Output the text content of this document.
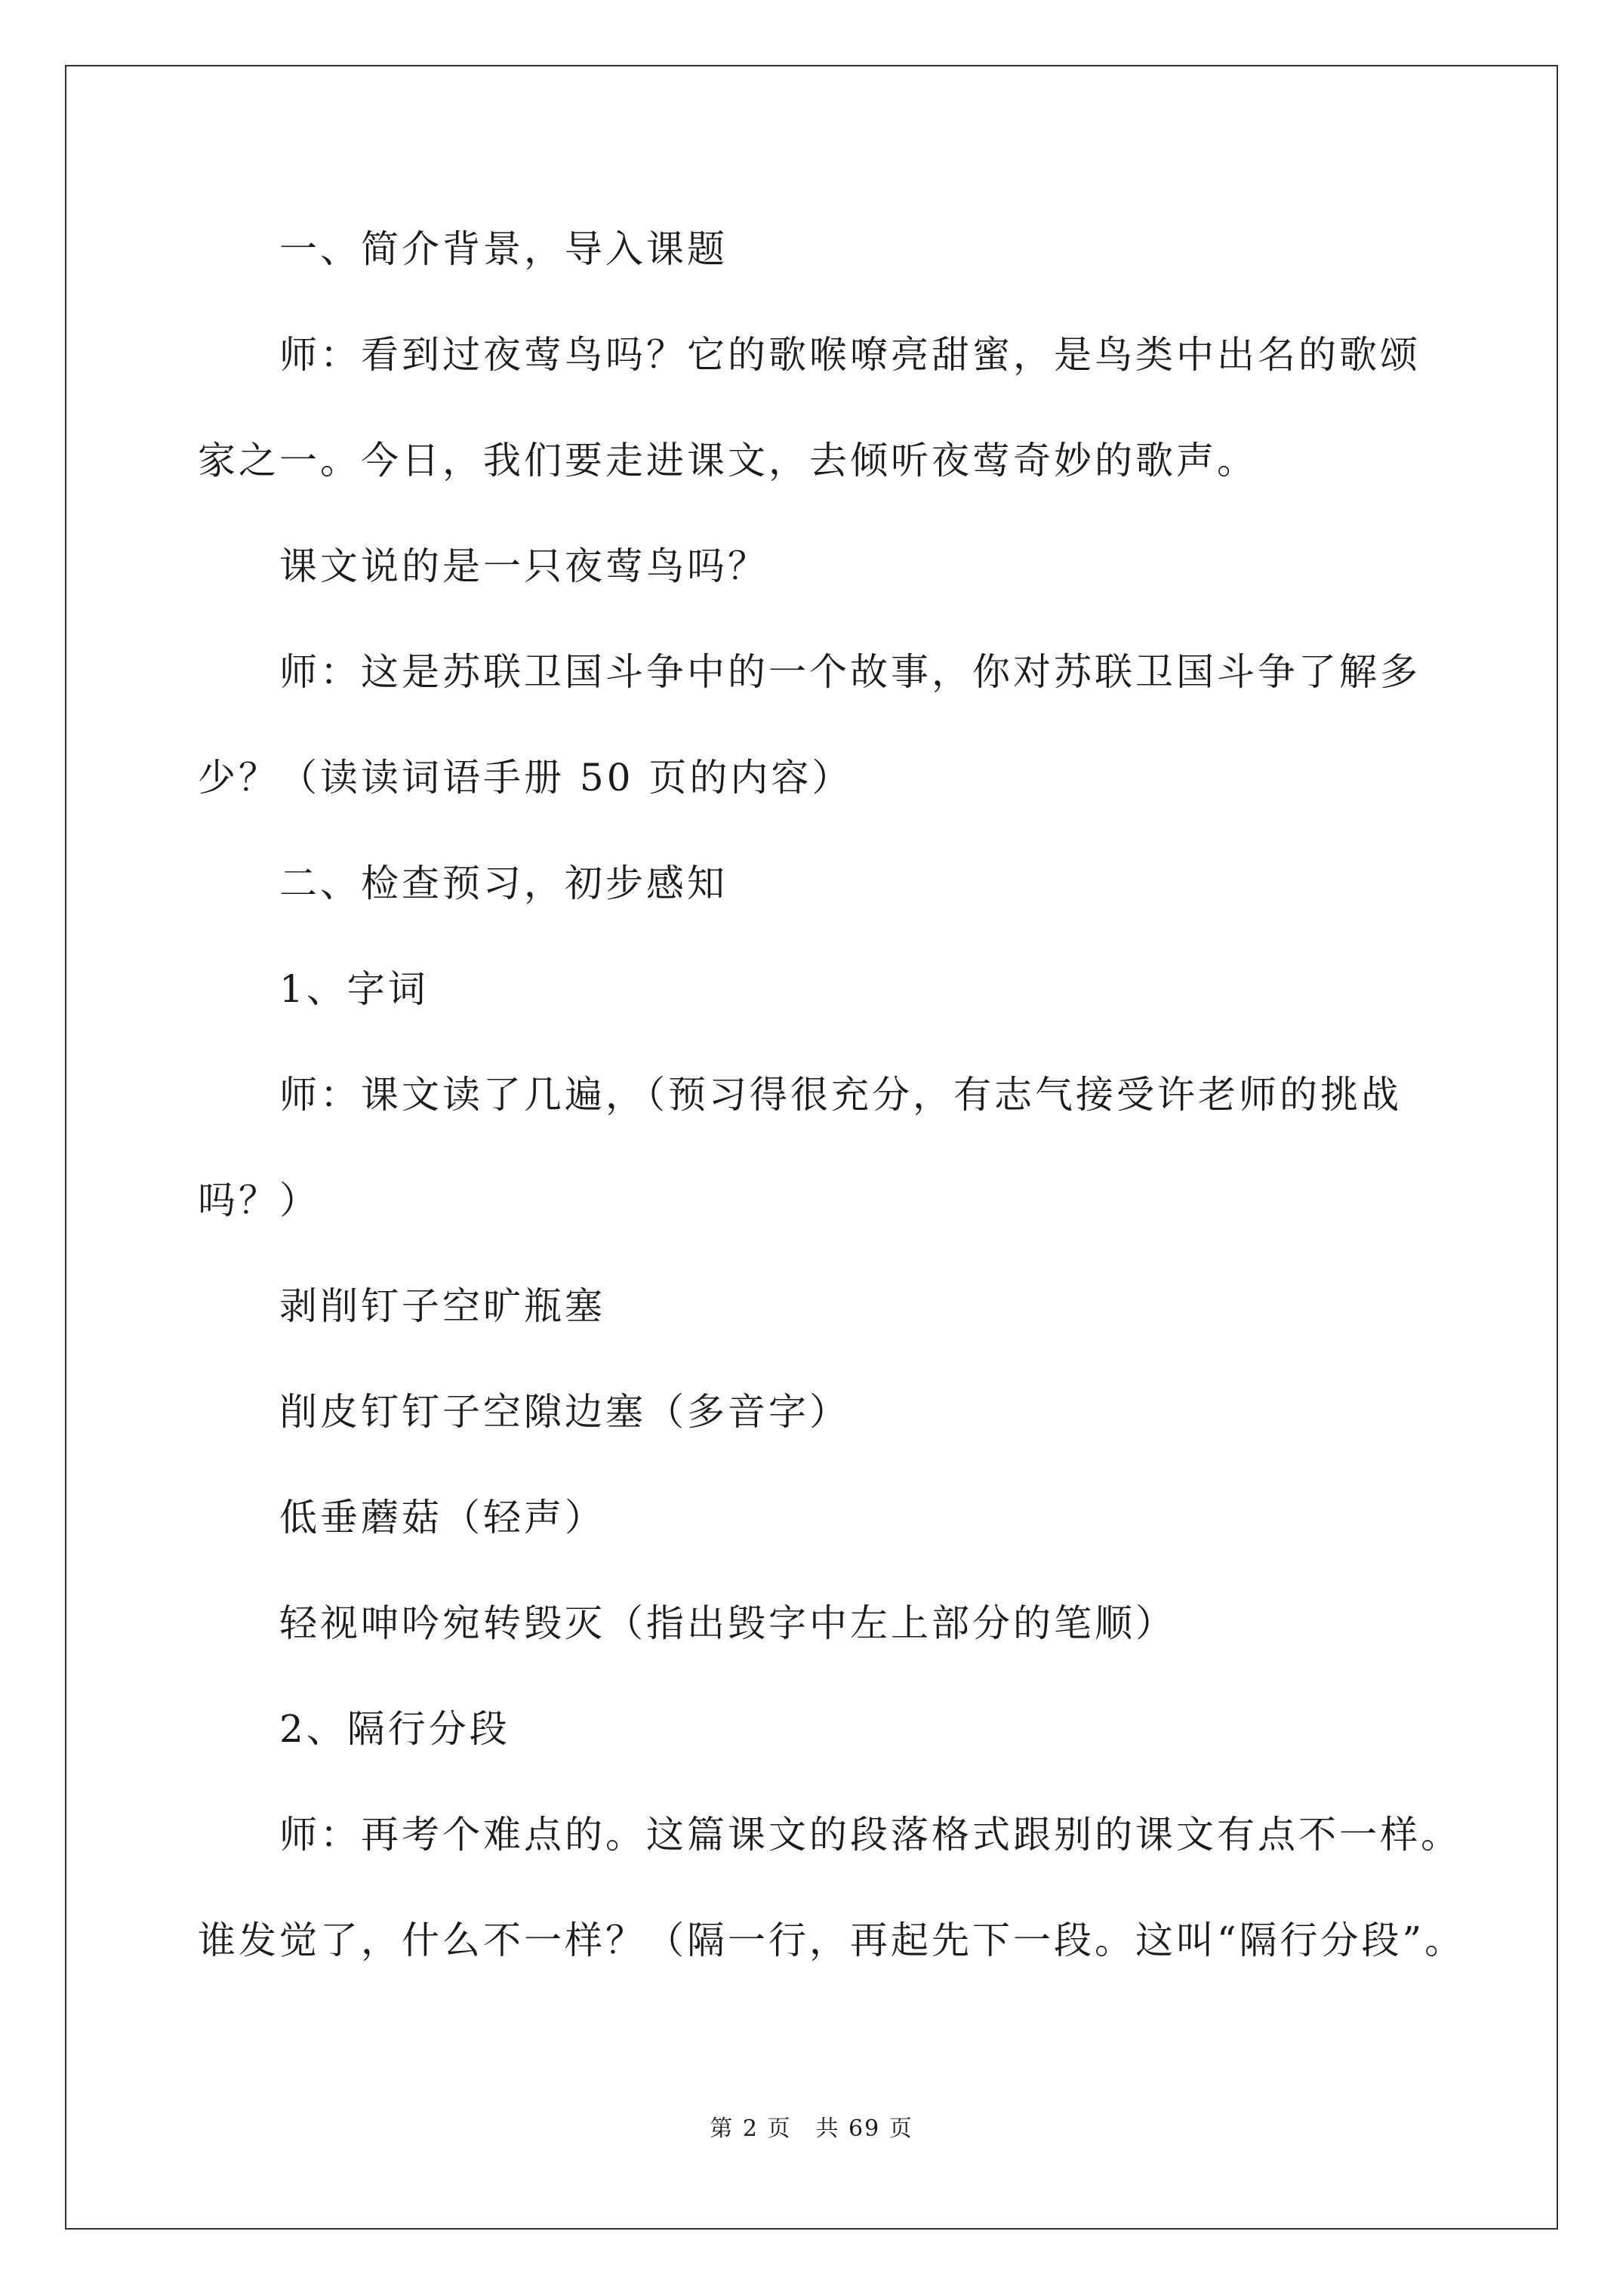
一、简介背景，导入课题

师：看到过夜莺鸟吗？它的歌喉嘹亮甜蜜，是鸟类中出名的歌颂

家之一。今日，我们要走进课文，去倾听夜莺奇妙的歌声。

课文说的是一只夜莺鸟吗？

师：这是苏联卫国斗争中的一个故事，你对苏联卫国斗争了解多

少？（读读词语手册 50 页的内容）

二、检查预习，初步感知

1、字词

师：课文读了几遍，（预习得很充分，有志气接受许老师的挑战

吗？）

剥削钉子空旷瓶塞

削皮钉钉子空隙边塞（多音字）

低垂蘑菇（轻声）

轻视呻吟宛转毁灭（指出毁字中左上部分的笔顺）

2、隔行分段

师：再考个难点的。这篇课文的段落格式跟别的课文有点不一样。

谁发觉了，什么不一样？（隔一行，再起先下一段。这叫“隔行分段”。

第 2 页　共 69 页
